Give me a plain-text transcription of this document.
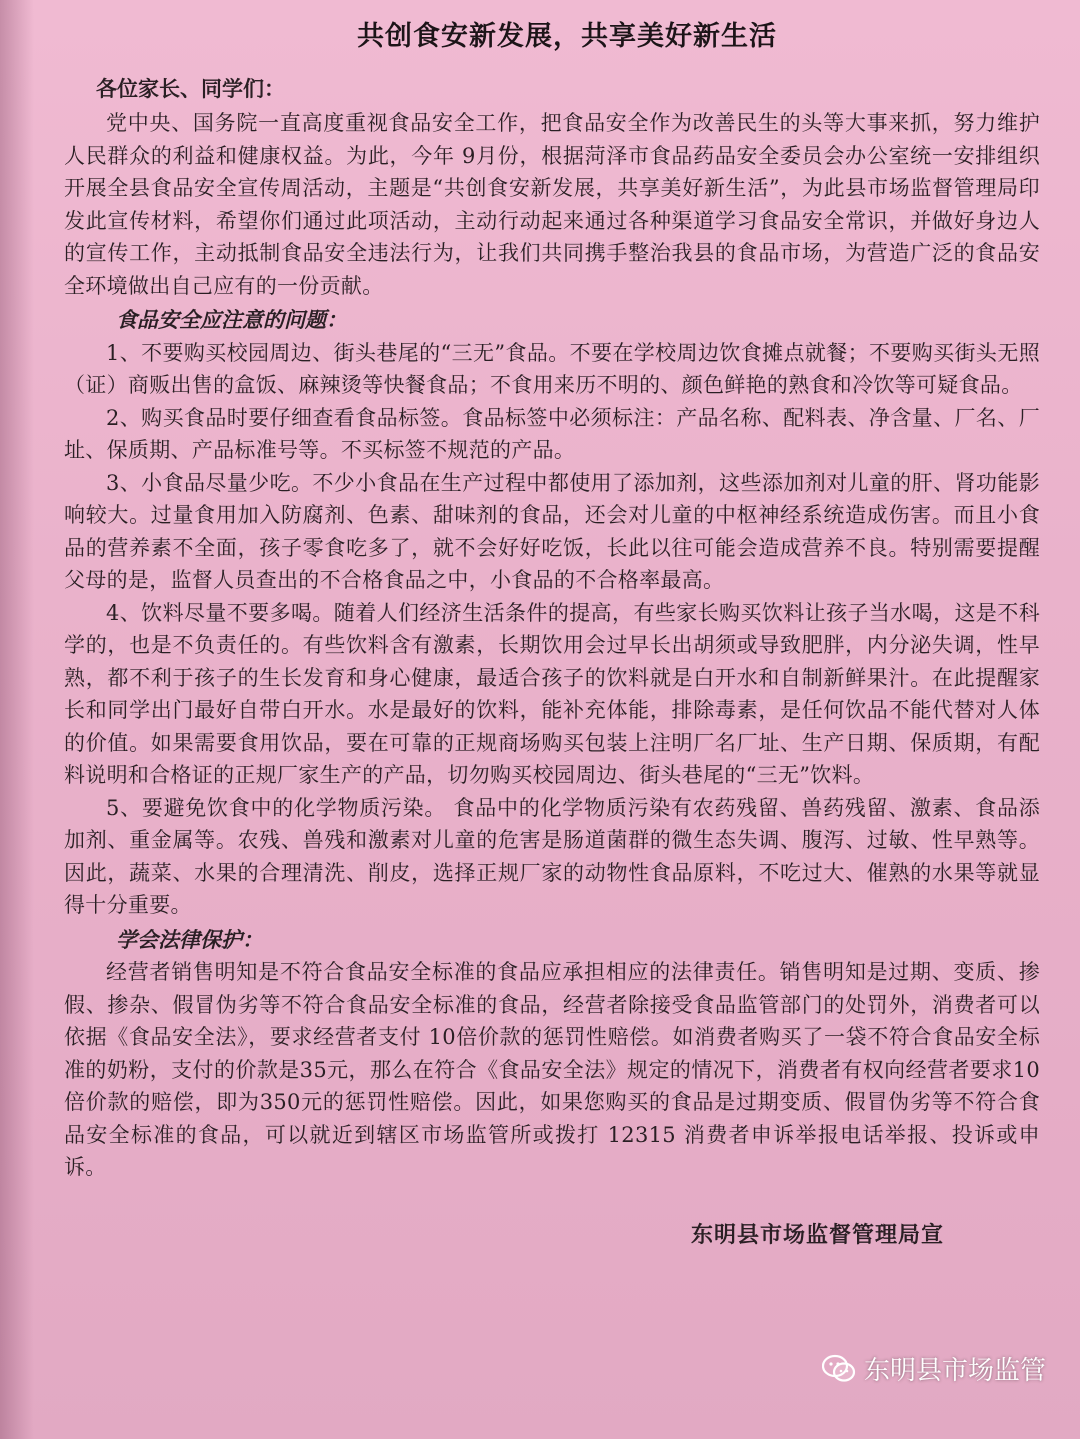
共创食安新发展，共享美好新生活
各位家长、同学们：

党中央、国务院一直高度重视食品安全工作，把食品安全作为改善民生的头等大事来抓，努力维护人民群众的利益和健康权益。为此，今年 9月份，根据菏泽市食品药品安全委员会办公室统一安排组织开展全县食品安全宣传周活动，主题是“共创食安新发展，共享美好新生活”，为此县市场监督管理局印发此宣传材料，希望你们通过此项活动，主动行动起来通过各种渠道学习食品安全常识，并做好身边人的宣传工作，主动抵制食品安全违法行为，让我们共同携手整治我县的食品市场，为营造广泛的食品安全环境做出自己应有的一份贡献。

食品安全应注意的问题：

1、不要购买校园周边、街头巷尾的“三无”食品。不要在学校周边饮食摊点就餐；不要购买街头无照（证）商贩出售的盒饭、麻辣烫等快餐食品；不食用来历不明的、颜色鲜艳的熟食和冷饮等可疑食品。

2、购买食品时要仔细查看食品标签。食品标签中必须标注：产品名称、配料表、净含量、厂名、厂址、保质期、产品标准号等。不买标签不规范的产品。

3、小食品尽量少吃。不少小食品在生产过程中都使用了添加剂，这些添加剂对儿童的肝、肾功能影响较大。过量食用加入防腐剂、色素、甜味剂的食品，还会对儿童的中枢神经系统造成伤害。而且小食品的营养素不全面，孩子零食吃多了，就不会好好吃饭，长此以往可能会造成营养不良。特别需要提醒父母的是，监督人员查出的不合格食品之中，小食品的不合格率最高。

4、饮料尽量不要多喝。随着人们经济生活条件的提高，有些家长购买饮料让孩子当水喝，这是不科学的，也是不负责任的。有些饮料含有激素，长期饮用会过早长出胡须或导致肥胖，内分泌失调，性早熟，都不利于孩子的生长发育和身心健康，最适合孩子的饮料就是白开水和自制新鲜果汁。在此提醒家长和同学出门最好自带白开水。水是最好的饮料，能补充体能，排除毒素，是任何饮品不能代替对人体的价值。如果需要食用饮品，要在可靠的正规商场购买包装上注明厂名厂址、生产日期、保质期，有配料说明和合格证的正规厂家生产的产品，切勿购买校园周边、街头巷尾的“三无”饮料。

5、要避免饮食中的化学物质污染。 食品中的化学物质污染有农药残留、兽药残留、激素、食品添加剂、重金属等。农残、兽残和激素对儿童的危害是肠道菌群的微生态失调、腹泻、过敏、性早熟等。因此，蔬菜、水果的合理清洗、削皮，选择正规厂家的动物性食品原料，不吃过大、催熟的水果等就显得十分重要。

学会法律保护：

经营者销售明知是不符合食品安全标准的食品应承担相应的法律责任。销售明知是过期、变质、掺假、掺杂、假冒伪劣等不符合食品安全标准的食品，经营者除接受食品监管部门的处罚外，消费者可以依据《食品安全法》，要求经营者支付 10倍价款的惩罚性赔偿。如消费者购买了一袋不符合食品安全标准的奶粉，支付的价款是35元，那么在符合《食品安全法》规定的情况下，消费者有权向经营者要求10倍价款的赔偿，即为350元的惩罚性赔偿。因此，如果您购买的食品是过期变质、假冒伪劣等不符合食品安全标准的食品，可以就近到辖区市场监管所或拨打 12315 消费者申诉举报电话举报、投诉或申诉。

东明县市场监督管理局宣
东明县市场监管
